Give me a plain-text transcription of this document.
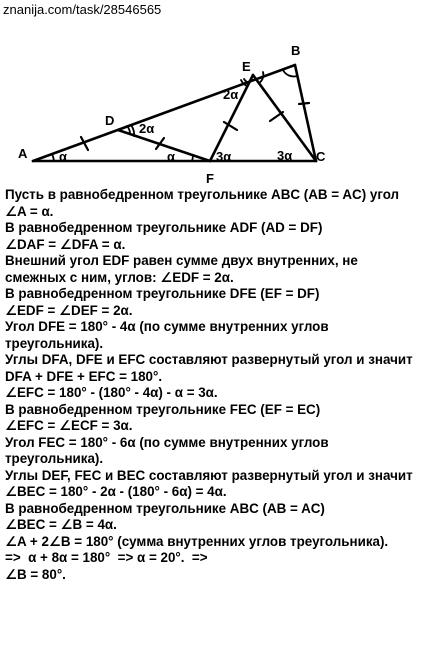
znanija.com/task/28546565
A
B
C
D
E
F
α	α
2α
2α
3α	3α
Пусть в равнобедренном треугольнике ABC (AB = AC) угол
∠A = α.
В равнобедренном треугольнике ADF (AD = DF)
∠DAF = ∠DFA = α.
Внешний угол EDF равен сумме двух внутренних, не
смежных с ним, углов: ∠EDF = 2α.
В равнобедренном треугольнике DFE (EF = DF)
∠EDF = ∠DEF = 2α.
Угол DFE = 180° - 4α (по сумме внутренних углов
треугольника).
Углы DFA, DFE и EFC составляют развернутый угол и значит
DFA + DFE + EFC = 180°.
∠EFC = 180° - (180° - 4α) - α = 3α.
В равнобедренном треугольнике FEC (EF = EC)
∠EFC = ∠ECF = 3α.
Угол FEC = 180° - 6α (по сумме внутренних углов
треугольника).
Углы DEF, FEC и BEC составляют развернутый угол и значит
∠BEC = 180° - 2α - (180° - 6α) = 4α.
В равнобедренном треугольнике ABC (AB = AC)
∠BEC = ∠B = 4α.
∠A + 2∠B = 180° (сумма внутренних углов треугольника).
=>  α + 8α = 180°  => α = 20°.  =>
∠B = 80°.
